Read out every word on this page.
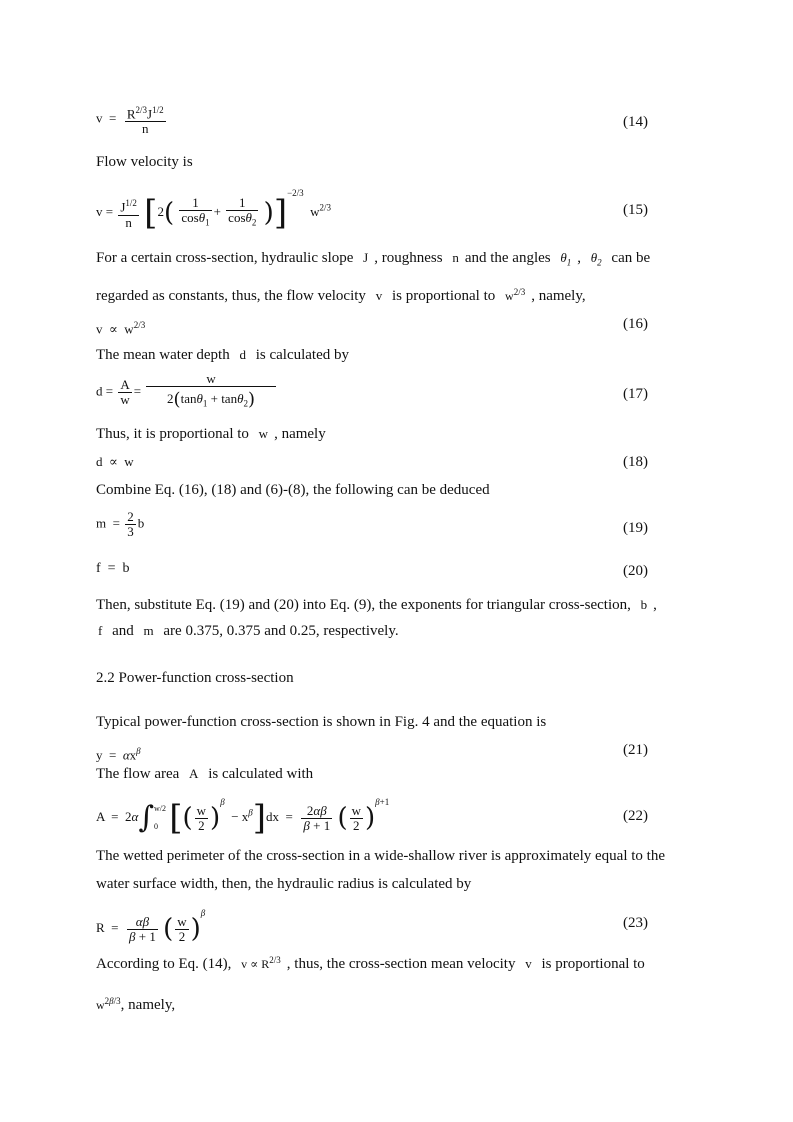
$v = \frac{R^{2/3}J^{1/2}}{n}$	(14)
Flow velocity is
$v = \frac{J^{1/2}}{n} [2( \frac{1}{\cos\theta_1} + \frac{1}{\cos\theta_2} )]^{-2/3}$  $w^{2/3}$	(15)
For a certain cross-section, hydraulic slope J , roughness n and the angles $\theta_1$ , $\theta_2$ can be
regarded as constants, thus, the flow velocity v is proportional to $w^{2/3}$ , namely,
$v \propto w^{2/3}$	(16)
The mean water depth d is calculated by
$d = \frac{A}{w} = \frac{w}{2(\tan\theta_1 + \tan\theta_2)}$	(17)
Thus, it is proportional to w , namely
d  ∝  w	(18)
Combine Eq. (16), (18) and (6)-(8), the following can be deduced
$m = \frac{2}{3}$ b	(19)
f  =  b	(20)
Then, substitute Eq. (19) and (20) into Eq. (9), the exponents for triangular cross-section, b ,
f and m are 0.375, 0.375 and 0.25, respectively.
2.2 Power-function cross-section
Typical power-function cross-section is shown in Fig. 4 and the equation is
$y = \alpha x^\beta$	(21)
The flow area A is calculated with
A  =  2α∫ w/2
0 [( $\frac{w}{2} )^\beta - x^\beta]dx = \frac{2\alpha\beta}{\beta + 1}$ ( $\frac{w}{2} )^{\beta+1}$
(22)
The wetted perimeter of the cross-section in a wide-shallow river is approximately equal to the
water surface width, then, the hydraulic radius is calculated by
$R = \frac{\alpha\beta}{\beta + 1}$ ( $\frac{w}{2} )^\beta$
(23)
According to Eq. (14), $v \propto R^{2/3}$ , thus, the cross-section mean velocity v is proportional to
$w^{2\beta/3}$, namely,
